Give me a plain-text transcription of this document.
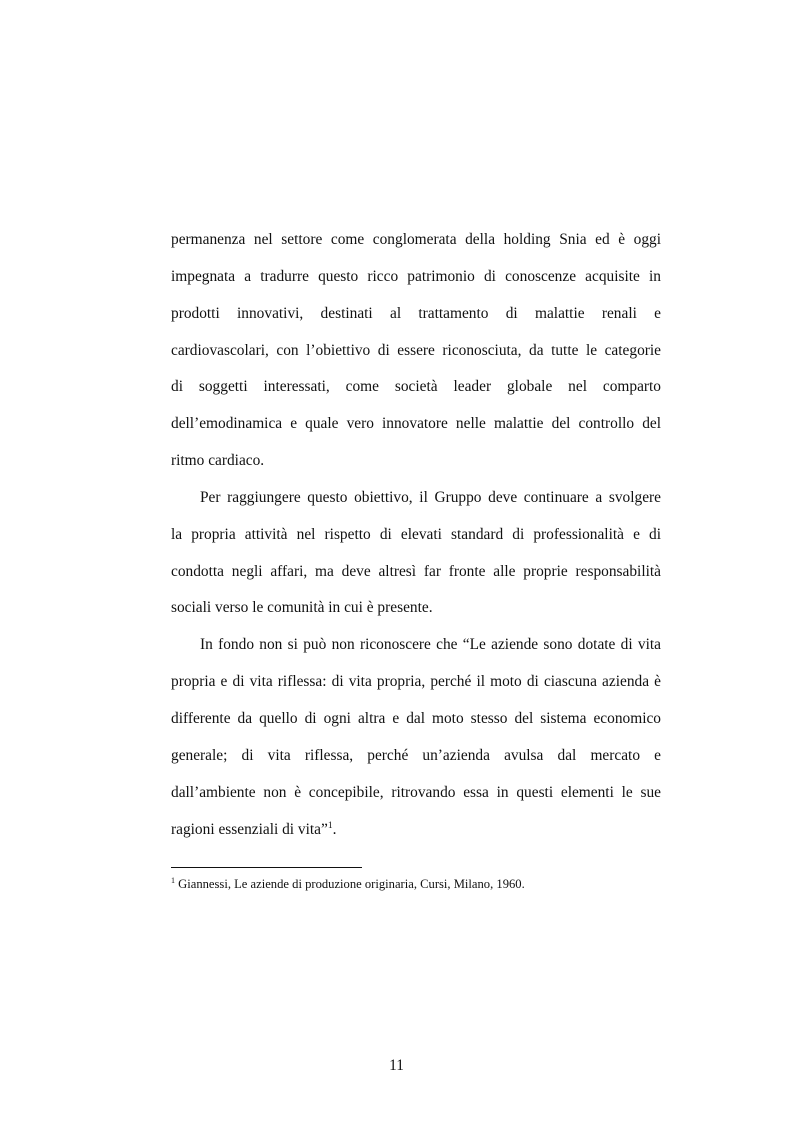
permanenza nel settore come conglomerata della holding Snia ed è oggi
impegnata a tradurre questo ricco patrimonio di conoscenze acquisite in
prodotti innovativi, destinati al trattamento di malattie renali e
cardiovascolari, con l’obiettivo di essere riconosciuta, da tutte le categorie
di soggetti interessati, come società leader globale nel comparto
dell’emodinamica e quale vero innovatore nelle malattie del controllo del
ritmo cardiaco.
Per raggiungere questo obiettivo, il Gruppo deve continuare a svolgere
la propria attività nel rispetto di elevati standard di professionalità e di
condotta negli affari, ma deve altresì far fronte alle proprie responsabilità
sociali verso le comunità in cui è presente.
In fondo non si può non riconoscere che “Le aziende sono dotate di vita
propria e di vita riflessa: di vita propria, perché il moto di ciascuna azienda è
differente da quello di ogni altra e dal moto stesso del sistema economico
generale; di vita riflessa, perché un’azienda avulsa dal mercato e
dall’ambiente non è concepibile, ritrovando essa in questi elementi le sue
ragioni essenziali di vita”$^1$.
$^1$ Giannessi, Le aziende di produzione originaria, Cursi, Milano, 1960.
11
